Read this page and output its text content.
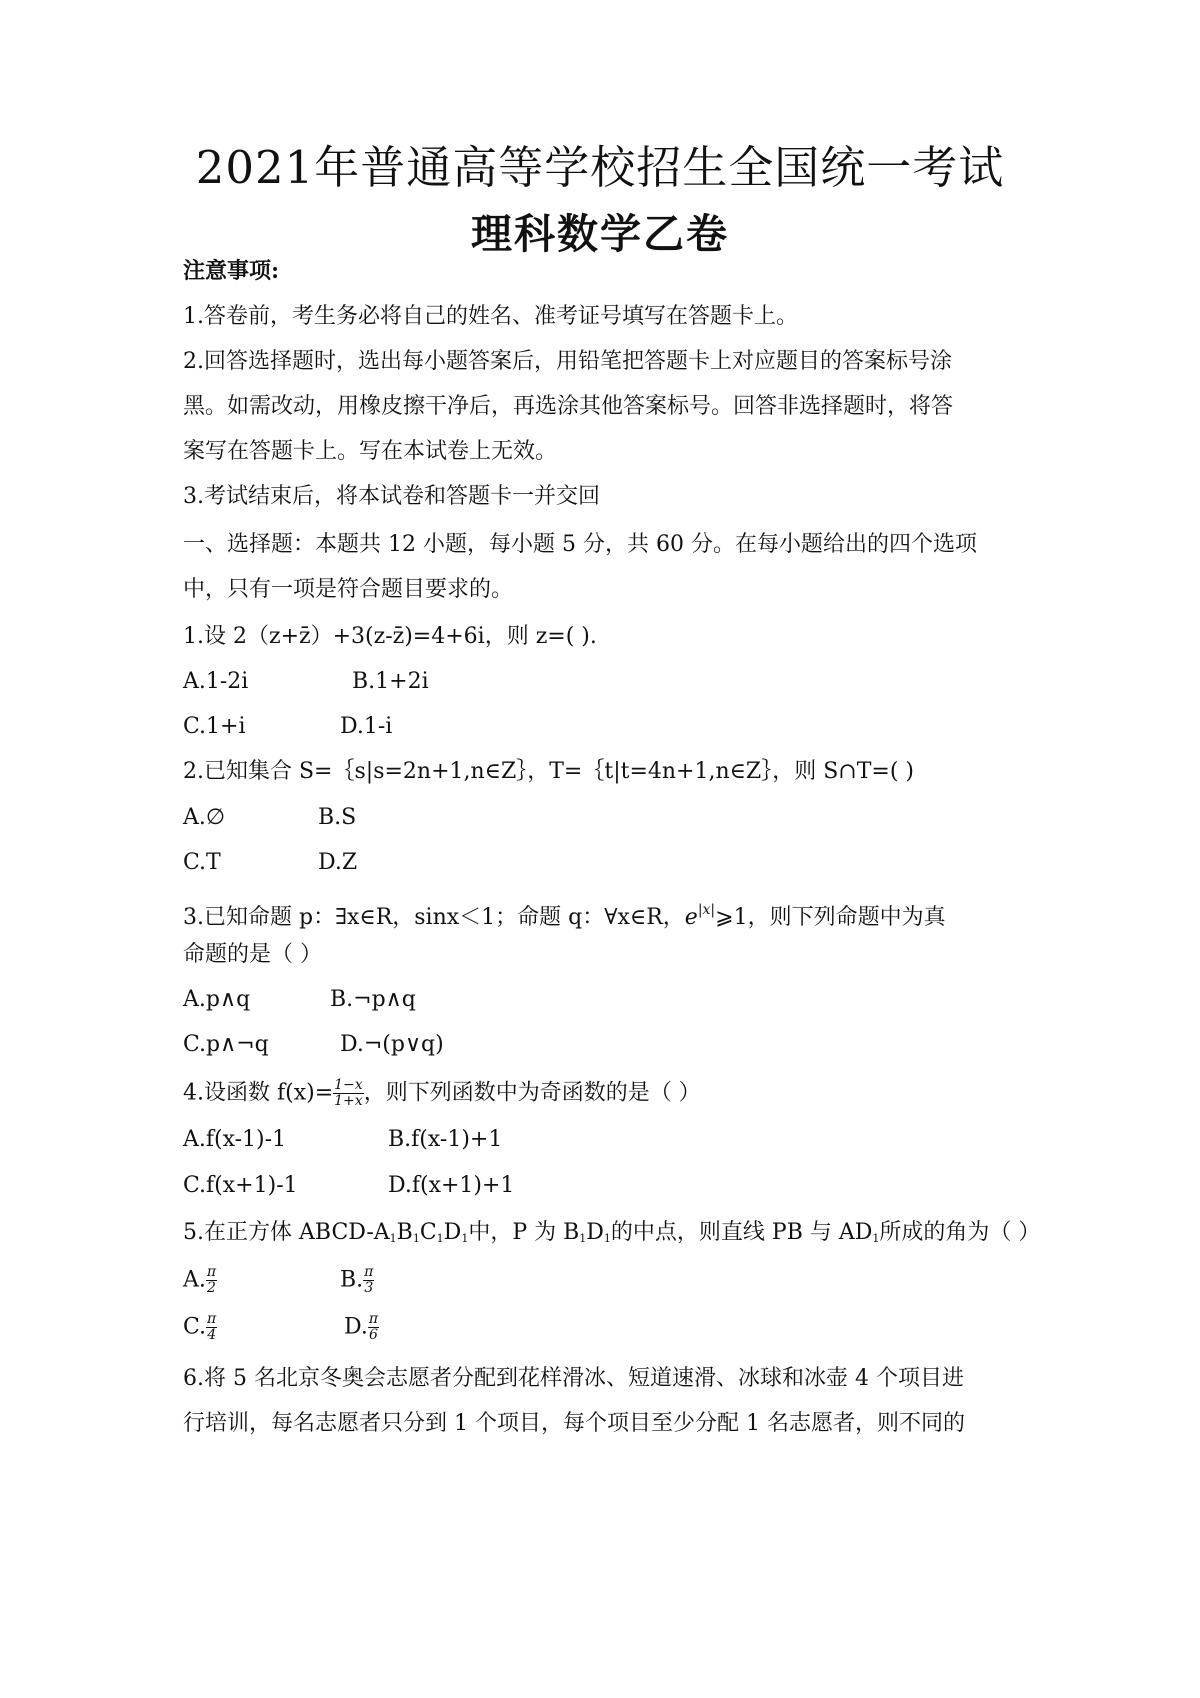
2021年普通高等学校招生全国统一考试
理科数学乙卷
注意事项:
1.答卷前，考生务必将自己的姓名、准考证号填写在答题卡上。
2.回答选择题时，选出每小题答案后，用铅笔把答题卡上对应题目的答案标号涂
黑。如需改动，用橡皮擦干净后，再选涂其他答案标号。回答非选择题时，将答
案写在答题卡上。写在本试卷上无效。
3.考试结束后，将本试卷和答题卡一并交回
一、选择题：本题共 12 小题，每小题 5 分，共 60 分。在每小题给出的四个选项
中，只有一项是符合题目要求的。
1.设 2（z+z̄）+3(z-z̄)=4+6i，则 z=( ).
A.1-2i	B.1+2i
C.1+i	D.1-i
2.已知集合 S=｛s|s=2n+1,n∈Z｝，T=｛t|t=4n+1,n∈Z｝，则 S∩T=( )
A.∅	B.S
C.T	D.Z
3.已知命题 p：∃x∈R，sinx＜1；命题 q：∀x∈R，$e^{|x|}⩾1$，则下列命题中为真
命题的是（ ）
A.p∧q	B.¬p∧q
C.p∧¬q	D.¬(p∨q)
4.设函数 $f(x)= \frac{1-x}{1+x}$ ，则下列函数中为奇函数的是（ ）
A.f(x-1)-1	B.f(x-1)+1
C.f(x+1)-1	D.f(x+1)+1
5.在正方体 ABCD-$A_1B_1C_1D_1$中，P 为 $B_1D_1$的中点，则直线 PB 与 $AD_1$所成的角为（ ）
A. $\frac{\pi}{2}$	B. $\frac{\pi}{3}$
C. $\frac{\pi}{4}$	D. $\frac{\pi}{6}$
6.将 5 名北京冬奥会志愿者分配到花样滑冰、短道速滑、冰球和冰壶 4 个项目进
行培训，每名志愿者只分到 1 个项目，每个项目至少分配 1 名志愿者，则不同的
